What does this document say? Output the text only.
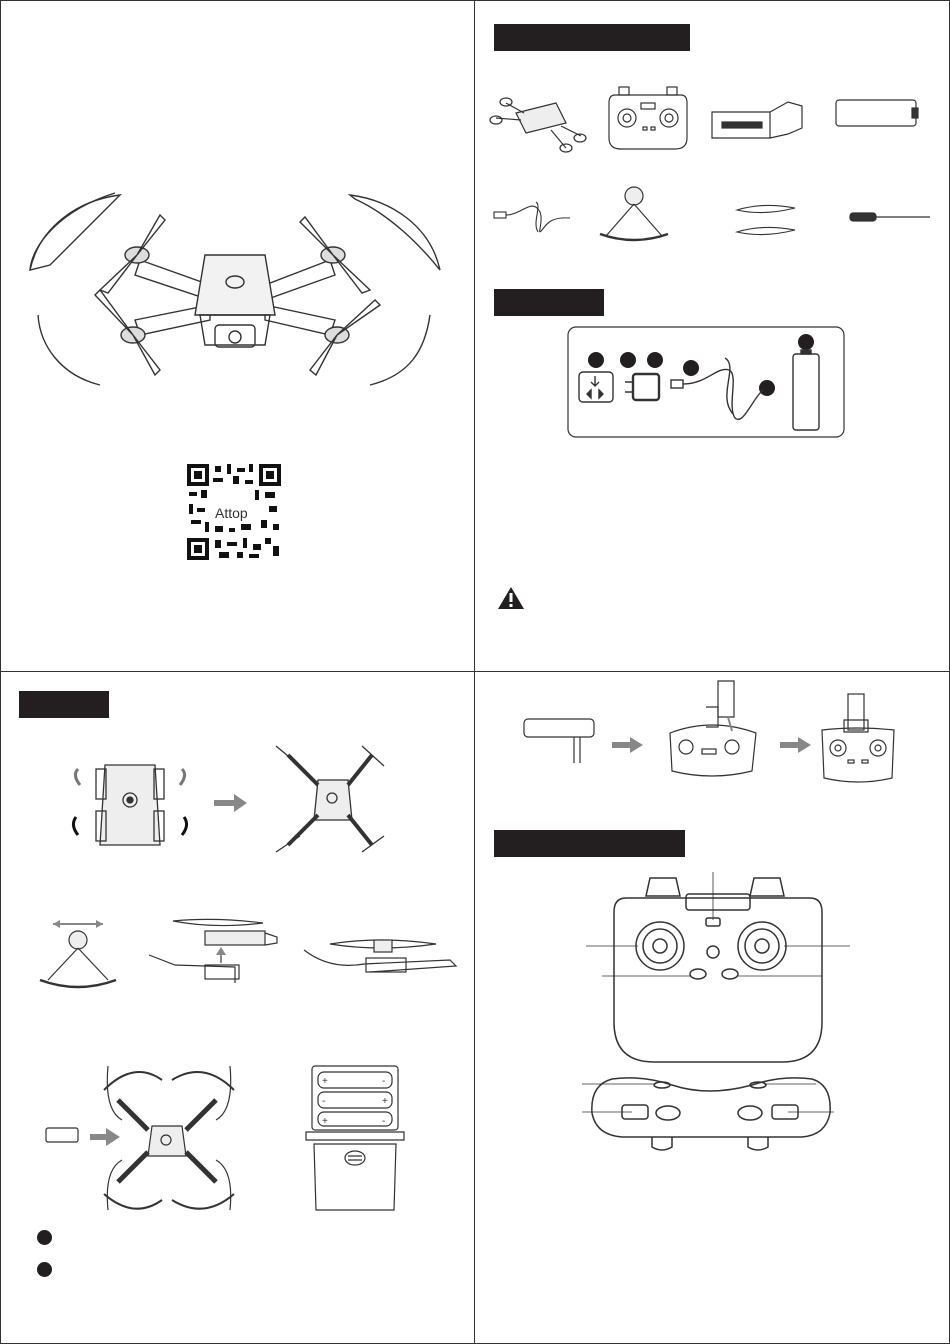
Attop
+	-
-	+
+	-
